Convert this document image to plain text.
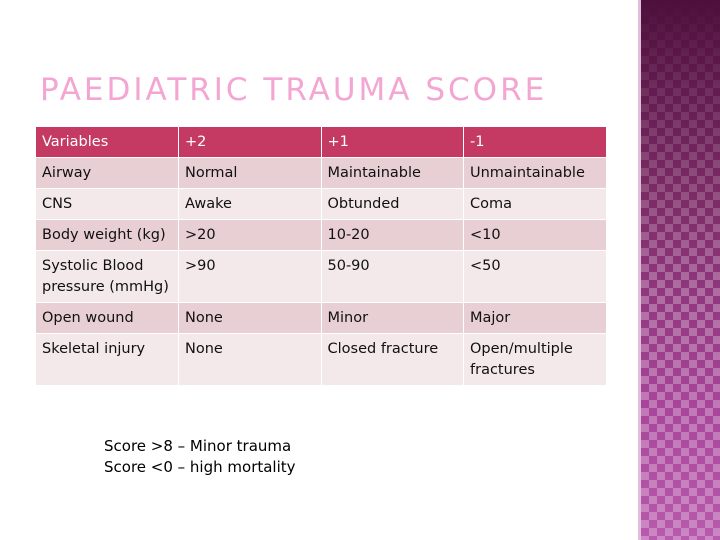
PAEDIATRIC TRAUMA SCORE
Variables	+2	+1	-1
Airway	Normal	Maintainable	Unmaintainable
CNS	Awake	Obtunded	Coma
Body weight (kg)	>20	10-20	<10
Systolic Blood pressure (mmHg)	>90	50-90	<50
Open wound	None	Minor	Major
Skeletal injury	None	Closed fracture	Open/multiple fractures
Score >8 – Minor trauma
Score <0 – high mortality
